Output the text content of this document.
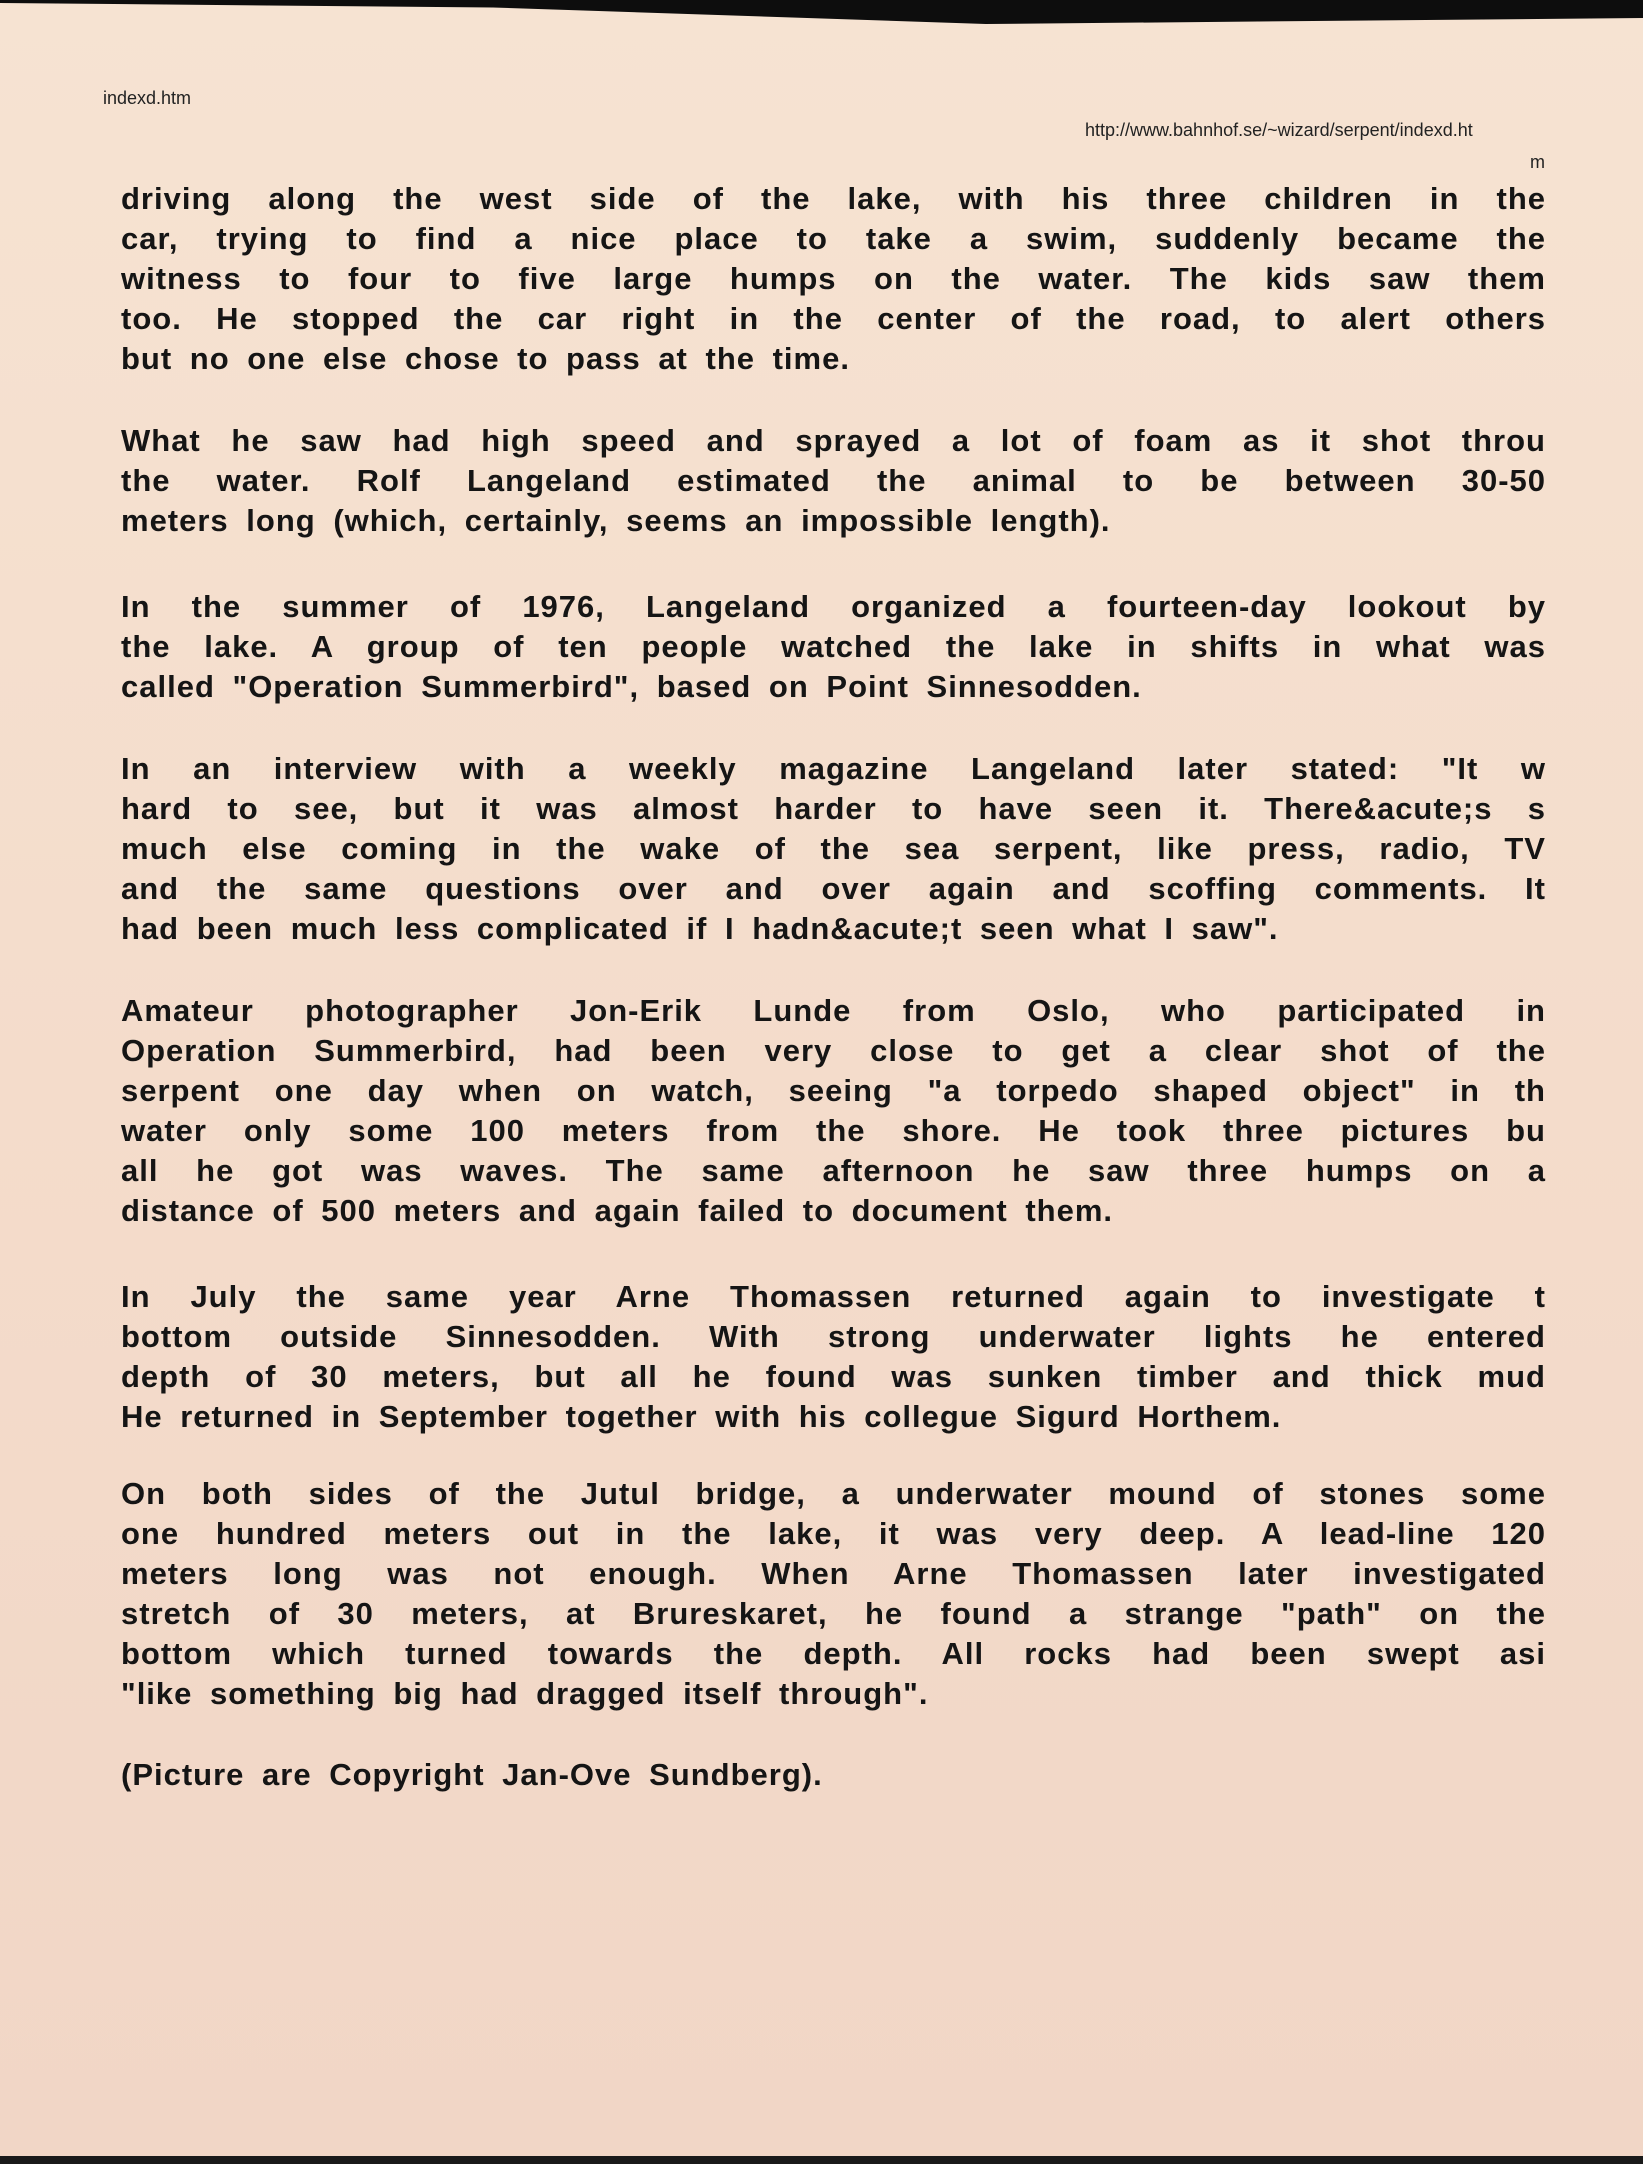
indexd.htm
http://www.bahnhof.se/~wizard/serpent/indexd.ht
m
driving along the west side of the lake, with his three children in the
car, trying to find a nice place to take a swim, suddenly became the
witness to four to five large humps on the water. The kids saw them
too. He stopped the car right in the center of the road, to alert others
but no one else chose to pass at the time.
What he saw had high speed and sprayed a lot of foam as it shot throu
the water. Rolf Langeland estimated the animal to be between 30-50
meters long (which, certainly, seems an impossible length).
In the summer of 1976, Langeland organized a fourteen-day lookout by
the lake. A group of ten people watched the lake in shifts in what was
called "Operation Summerbird", based on Point Sinnesodden.
In an interview with a weekly magazine Langeland later stated: "It w
hard to see, but it was almost harder to have seen it. There&acute;s s
much else coming in the wake of the sea serpent, like press, radio, TV
and the same questions over and over again and scoffing comments. It
had been much less complicated if I hadn&acute;t seen what I saw".
Amateur photographer Jon-Erik Lunde from Oslo, who participated in
Operation Summerbird, had been very close to get a clear shot of the
serpent one day when on watch, seeing "a torpedo shaped object" in th
water only some 100 meters from the shore. He took three pictures bu
all he got was waves. The same afternoon he saw three humps on a
distance of 500 meters and again failed to document them.
In July the same year Arne Thomassen returned again to investigate t
bottom outside Sinnesodden. With strong underwater lights he entered
depth of 30 meters, but all he found was sunken timber and thick mud
He returned in September together with his collegue Sigurd Horthem.
On both sides of the Jutul bridge, a underwater mound of stones some
one hundred meters out in the lake, it was very deep. A lead-line 120
meters long was not enough. When Arne Thomassen later investigated
stretch of 30 meters, at Brureskaret, he found a strange "path" on the
bottom which turned towards the depth. All rocks had been swept asi
"like something big had dragged itself through".
(Picture are Copyright Jan-Ove Sundberg).
